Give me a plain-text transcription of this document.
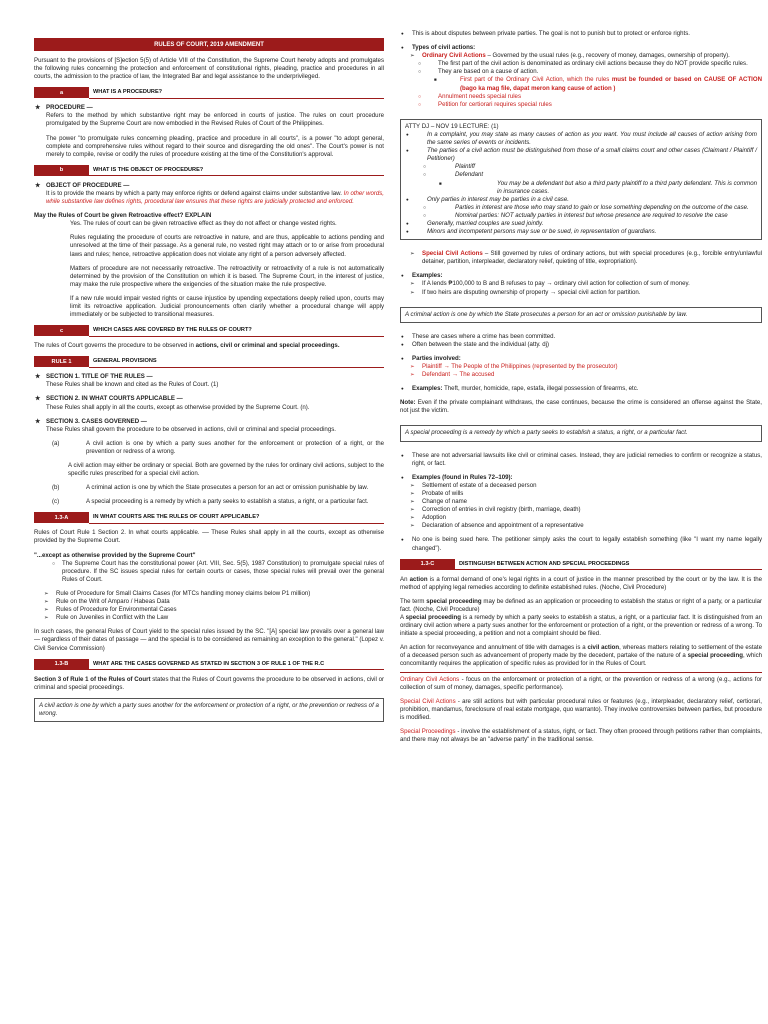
RULES OF COURT, 2019 AMENDMENT

Pursuant to the provisions of [S]ection 5(5) of Article VIII of the Constitution, the Supreme Court hereby adopts and promulgates the following rules concerning the protection and enforcement of constitutional rights, pleading, practice and procedures in all courts, the admission to the practice of law, the Integrated Bar and legal assistance to the underprivileged.

a	WHAT IS A PROCEDURE?

★ PROCEDURE —

Refers to the method by which substantive right may be enforced in courts of justice. The rules on court procedure promulgated by the Supreme Court are now embodied in the Revised Rules of Court of the Philippines.

The power "to promulgate rules concerning pleading, practice and procedure in all courts", is a power "to adopt general, complete and comprehensive rules without regard to their source and disregarding the old ones". The Court's power is not merely to compile, revise or codify the rules of procedure existing at the time of the Constitution's approval.

b	WHAT IS THE OBJECT OF PROCEDURE?

★ OBJECT OF PROCEDURE —

It is to provide the means by which a party may enforce rights or defend against claims under substantive law. In other words, while substantive law defines rights, procedural law ensures that these rights are judicially protected and enforced.

May the Rules of Court be given Retroactive effect? EXPLAIN

Yes. The rules of court can be given retroactive effect as they do not affect or change vested rights.

Rules regulating the procedure of courts are retroactive in nature, and are thus, applicable to actions pending and unresolved at the time of their passage. As a general rule, no vested right may attach or to or arise from procedural laws and rules; hence, retroactive application does not violate any right of a person adversely affected.

Matters of procedure are not necessarily retroactive. The retroactivity or retroactivity of a rule is not automatically determined by the provision of the Constitution on which it is based. The Supreme Court, in the interest of justice, may make the rule prospective where the exigencies of the situation make the rule prospective.

If a new rule would impair vested rights or cause injustice by upending expectations deeply relied upon, courts may limit its retroactive application. Judicial pronouncements often clarify whether a procedural change will apply immediately or be subjected to transitional measures.

c	WHICH CASES ARE COVERED BY THE RULES OF COURT?

The rules of Court governs the procedure to be observed in actions, civil or criminal and special proceedings.

RULE 1	GENERAL PROVISIONS

★ SECTION 1. TITLE OF THE RULES —

These Rules shall be known and cited as the Rules of Court. (1)

★ SECTION 2. IN WHAT COURTS APPLICABLE —

These Rules shall apply in all the courts, except as otherwise provided by the Supreme Court. (n).

★ SECTION 3. CASES GOVERNED —

These Rules shall govern the procedure to be observed in actions, civil or criminal and special proceedings.

(a)	A civil action is one by which a party sues another for the enforcement or protection of a right, or the prevention or redress of a wrong.

A civil action may either be ordinary or special. Both are governed by the rules for ordinary civil actions, subject to the specific rules prescribed for a special civil action.

(b)	A criminal action is one by which the State prosecutes a person for an act or omission punishable by law.

(c)	A special proceeding is a remedy by which a party seeks to establish a status, a right, or a particular fact.

1.3-A	IN WHAT COURTS ARE THE RULES OF COURT APPLICABLE?

Rules of Court Rule 1 Section 2. In what courts applicable. –– These Rules shall apply in all the courts, except as otherwise provided by the Supreme Court.

"...except as otherwise provided by the Supreme Court"

○ The Supreme Court has the constitutional power (Art. VIII, Sec. 5(5), 1987 Constitution) to promulgate special rules of procedure. If the SC issues special rules for certain courts or cases, those special rules will prevail over the general Rules of Court.

➢ Rule of Procedure for Small Claims Cases (for MTCs handling money claims below P1 million)

➢ Rule on the Writ of Amparo / Habeas Data

➢ Rules of Procedure for Environmental Cases

➢ Rule on Juveniles in Conflict with the Law

In such cases, the general Rules of Court yield to the special rules issued by the SC. "[A] special law prevails over a general law — regardless of their dates of passage — and the special is to be considered as remaining an exception to the general." (Lopez v. Civil Service Commission)

1.3-B	WHAT ARE THE CASES GOVERNED AS STATED IN SECTION 3 OF RULE 1 OF THE R.C

Section 3 of Rule 1 of the Rules of Court states that the Rules of Court governs the procedure to be observed in actions, civil or criminal and special proceedings.

A civil action is one by which a party sues another for the enforcement or protection of a right, or the prevention or redress of a wrong.

● This is about disputes between private parties. The goal is not to punish but to protect or enforce rights.

● Types of civil actions:

➢ Ordinary Civil Actions – Governed by the usual rules (e.g., recovery of money, damages, ownership of property).

○ The first part of the civil action is denominated as ordinary civil actions because they do NOT provide specific rules.

○ They are based on a cause of action.

■ First part of the Ordinary Civil Action, which the rules must be founded or based on CAUSE OF ACTION (bago ka mag file, dapat meron kang cause of action )

○ Annulment needs special rules

○ Petition for certiorari requires special rules

ATTY DJ – NOV 19 LECTURE: (1)

● In a complaint, you may state as many causes of action as you want. You must include all causes of action arising from the same series of events or incidents.

● The parties of a civil action must be distinguished from those of a small claims court and other cases (Claimant / Plaintiff / Petitioner)

○ Plaintiff

○ Defendant

■ You may be a defendant but also a third party plaintiff to a third party defendant. This is common in insurance cases.

● Only parties in interest may be parties in a civil case.

○ Parties in interest are those who may stand to gain or lose something depending on the outcome of the case.

○ Nominal parties: NOT actually parties in interest but whose presence are required to resolve the case

● Generally, married couples are sued jointly.

● Minors and incompetent persons may sue or be sued, in representation of guardians.

➢ Special Civil Actions – Still governed by rules of ordinary actions, but with special procedures (e.g., forcible entry/unlawful detainer, partition, interpleader, declaratory relief, quieting of title, expropriation).

● Examples:

➢ If A lends ₱100,000 to B and B refuses to pay → ordinary civil action for collection of sum of money.

➢ If two heirs are disputing ownership of property → special civil action for partition.

A criminal action is one by which the State prosecutes a person for an act or omission punishable by law.

● These are cases where a crime has been committed.

● Often between the state and the individual (atty. dj)

● Parties involved:

➢ Plaintiff → The People of the Philippines (represented by the prosecutor)

➢ Defendant → The accused

● Examples: Theft, murder, homicide, rape, estafa, illegal possession of firearms, etc.

Note: Even if the private complainant withdraws, the case continues, because the crime is considered an offense against the State, not just the victim.

A special proceeding is a remedy by which a party seeks to establish a status, a right, or a particular fact.

● These are not adversarial lawsuits like civil or criminal cases. Instead, they are judicial remedies to confirm or recognize a status, right, or fact.

● Examples (found in Rules 72–109):

➢ Settlement of estate of a deceased person

➢ Probate of wills

➢ Change of name

➢ Correction of entries in civil registry (birth, marriage, death)

➢ Adoption

➢ Declaration of absence and appointment of a representative

● No one is being sued here. The petitioner simply asks the court to legally establish something (like "I want my name legally changed").

1.3-C	DISTINGUISH BETWEEN ACTION AND SPECIAL PROCEEDINGS

An action is a formal demand of one's legal rights in a court of justice in the manner prescribed by the court or by the law. It is the method of applying legal remedies according to definite established rules. (Noche, Civil Procedure)

The term special proceeding may be defined as an application or proceeding to establish the status or right of a party, or a particular fact. (Noche, Civil Procedure)

A special proceeding is a remedy by which a party seeks to establish a status, a right, or a particular fact. It is distinguished from an ordinary civil action where a party sues another for the enforcement or protection of a right, or the prevention or redress of a wrong. To initiate a special proceeding, a petition and not a complaint should be filed.

An action for reconveyance and annulment of title with damages is a civil action, whereas matters relating to settlement of the estate of a deceased person such as advancement of property made by the decedent, partake of the nature of a special proceeding, which concomitantly requires the application of specific rules as provided for in the Rules of Court.

Ordinary Civil Actions - focus on the enforcement or protection of a right, or the prevention or redress of a wrong (e.g., actions for collection of sum of money, damages, specific performance).

Special Civil Actions - are still actions but with particular procedural rules or features (e.g., interpleader, declaratory relief, certiorari, prohibition, mandamus, foreclosure of real estate mortgage, quo warranto). They involve controversies between parties, but procedure is modified.

Special Proceedings - involve the establishment of a status, right, or fact. They often proceed through petitions rather than complaints, and there may not always be an "adverse party" in the traditional sense.
